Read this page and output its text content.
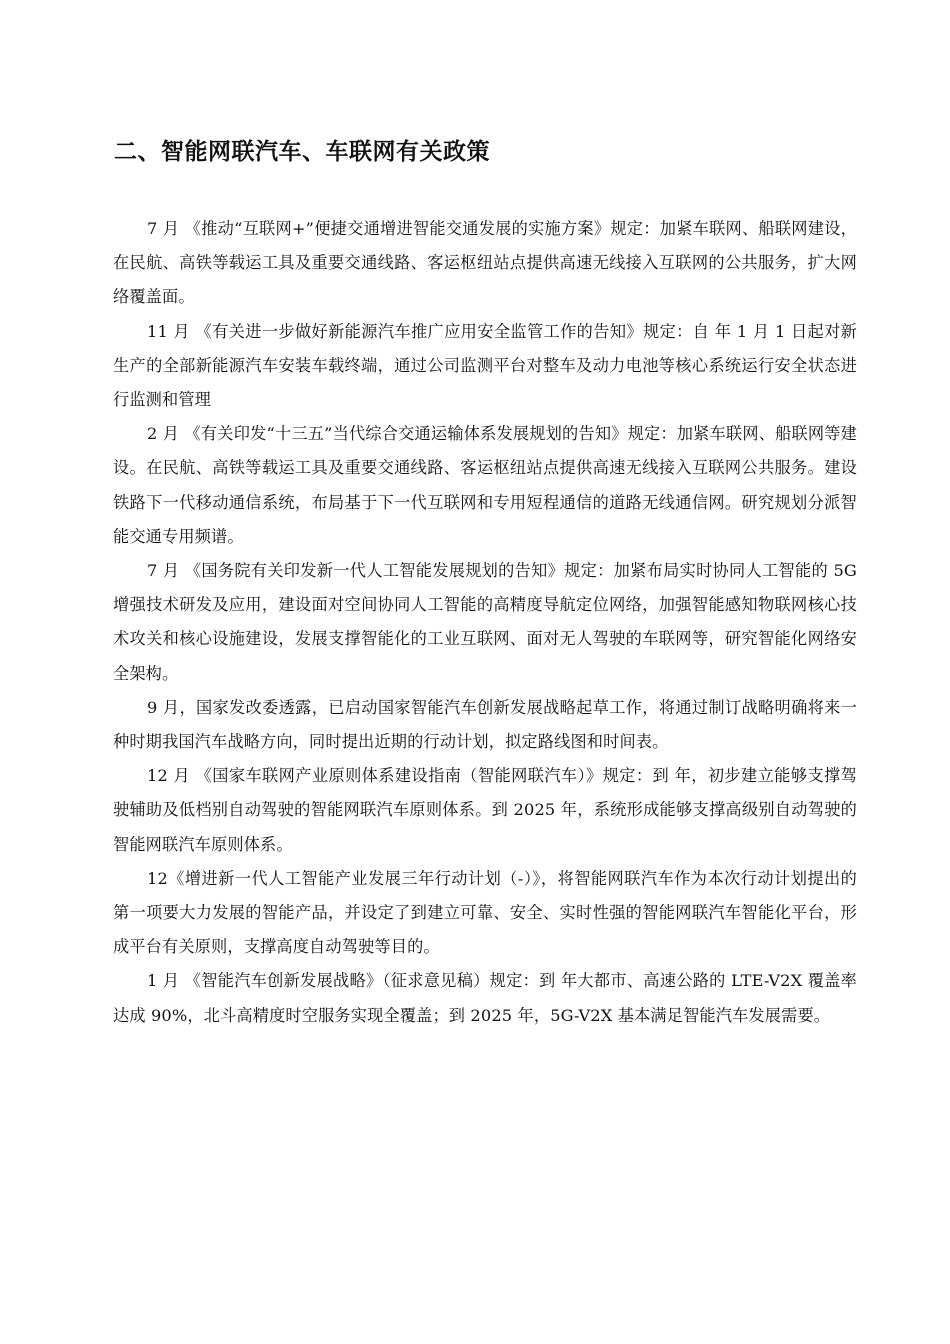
二、智能网联汽车、车联网有关政策

7 月 《推动“互联网+”便捷交通增进智能交通发展的实施方案》规定：加紧车联网、船联网建设，在民航、高铁等载运工具及重要交通线路、客运枢纽站点提供高速无线接入互联网的公共服务，扩大网络覆盖面。

11 月 《有关进一步做好新能源汽车推广应用安全监管工作的告知》规定：自 年 1 月 1 日起对新生产的全部新能源汽车安装车载终端，通过公司监测平台对整车及动力电池等核心系统运行安全状态进行监测和管理

2 月 《有关印发“十三五”当代综合交通运输体系发展规划的告知》规定：加紧车联网、船联网等建设。在民航、高铁等载运工具及重要交通线路、客运枢纽站点提供高速无线接入互联网公共服务。建设铁路下一代移动通信系统，布局基于下一代互联网和专用短程通信的道路无线通信网。研究规划分派智能交通专用频谱。

7 月 《国务院有关印发新一代人工智能发展规划的告知》规定：加紧布局实时协同人工智能的 5G 增强技术研发及应用，建设面对空间协同人工智能的高精度导航定位网络，加强智能感知物联网核心技术攻关和核心设施建设，发展支撑智能化的工业互联网、面对无人驾驶的车联网等，研究智能化网络安全架构。

9 月，国家发改委透露，已启动国家智能汽车创新发展战略起草工作，将通过制订战略明确将来一种时期我国汽车战略方向，同时提出近期的行动计划，拟定路线图和时间表。

12 月 《国家车联网产业原则体系建设指南（智能网联汽车）》规定：到 年，初步建立能够支撑驾驶辅助及低档别自动驾驶的智能网联汽车原则体系。到 2025 年，系统形成能够支撑高级别自动驾驶的智能网联汽车原则体系。

12《增进新一代人工智能产业发展三年行动计划（-）》，将智能网联汽车作为本次行动计划提出的第一项要大力发展的智能产品，并设定了到建立可靠、安全、实时性强的智能网联汽车智能化平台，形成平台有关原则，支撑高度自动驾驶等目的。

1 月 《智能汽车创新发展战略》（征求意见稿）规定：到 年大都市、高速公路的 LTE-V2X 覆盖率达成 90%，北斗高精度时空服务实现全覆盖；到 2025 年，5G-V2X 基本满足智能汽车发展需要。
